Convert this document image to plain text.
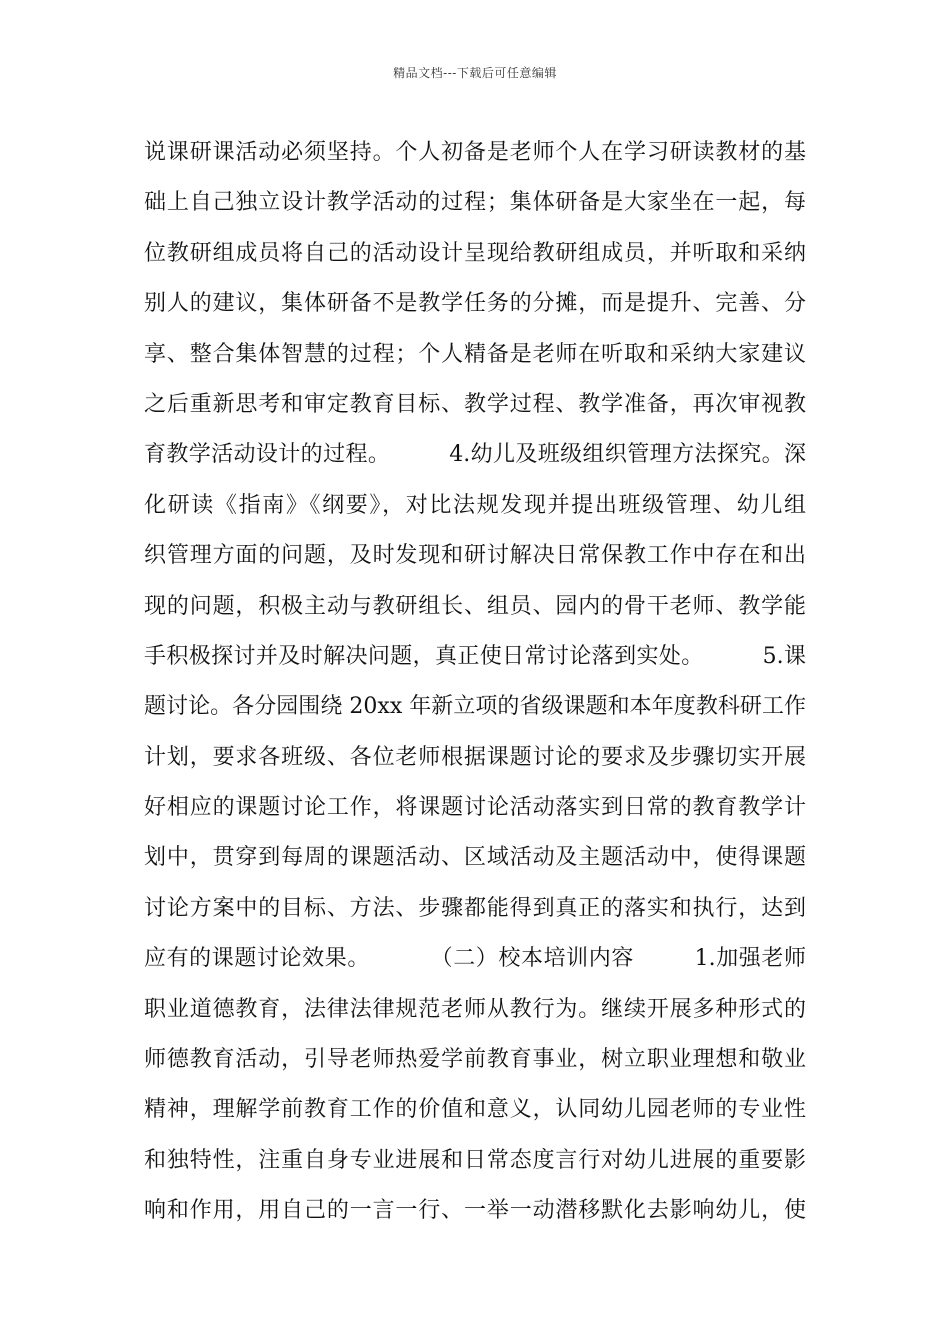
精品文档---下载后可任意编辑
说课研课活动必须坚持。个人初备是老师个人在学习研读教材的基
础上自己独立设计教学活动的过程；集体研备是大家坐在一起，每
位教研组成员将自己的活动设计呈现给教研组成员，并听取和采纳
别人的建议，集体研备不是教学任务的分摊，而是提升、完善、分
享、整合集体智慧的过程；个人精备是老师在听取和采纳大家建议
之后重新思考和审定教育目标、教学过程、教学准备，再次审视教
育教学活动设计的过程。        4.幼儿及班级组织管理方法探究。深
化研读《指南》《纲要》，对比法规发现并提出班级管理、幼儿组
织管理方面的问题，及时发现和研讨解决日常保教工作中存在和出
现的问题，积极主动与教研组长、组员、园内的骨干老师、教学能
手积极探讨并及时解决问题，真正使日常讨论落到实处。        5.课
题讨论。各分园围绕 20xx 年新立项的省级课题和本年度教科研工作
计划，要求各班级、各位老师根据课题讨论的要求及步骤切实开展
好相应的课题讨论工作，将课题讨论活动落实到日常的教育教学计
划中，贯穿到每周的课题活动、区域活动及主题活动中，使得课题
讨论方案中的目标、方法、步骤都能得到真正的落实和执行，达到
应有的课题讨论效果。        （二）校本培训内容        1.加强老师
职业道德教育，法律法律规范老师从教行为。继续开展多种形式的
师德教育活动，引导老师热爱学前教育事业，树立职业理想和敬业
精神，理解学前教育工作的价值和意义，认同幼儿园老师的专业性
和独特性，注重自身专业进展和日常态度言行对幼儿进展的重要影
响和作用，用自己的一言一行、一举一动潜移默化去影响幼儿，使
